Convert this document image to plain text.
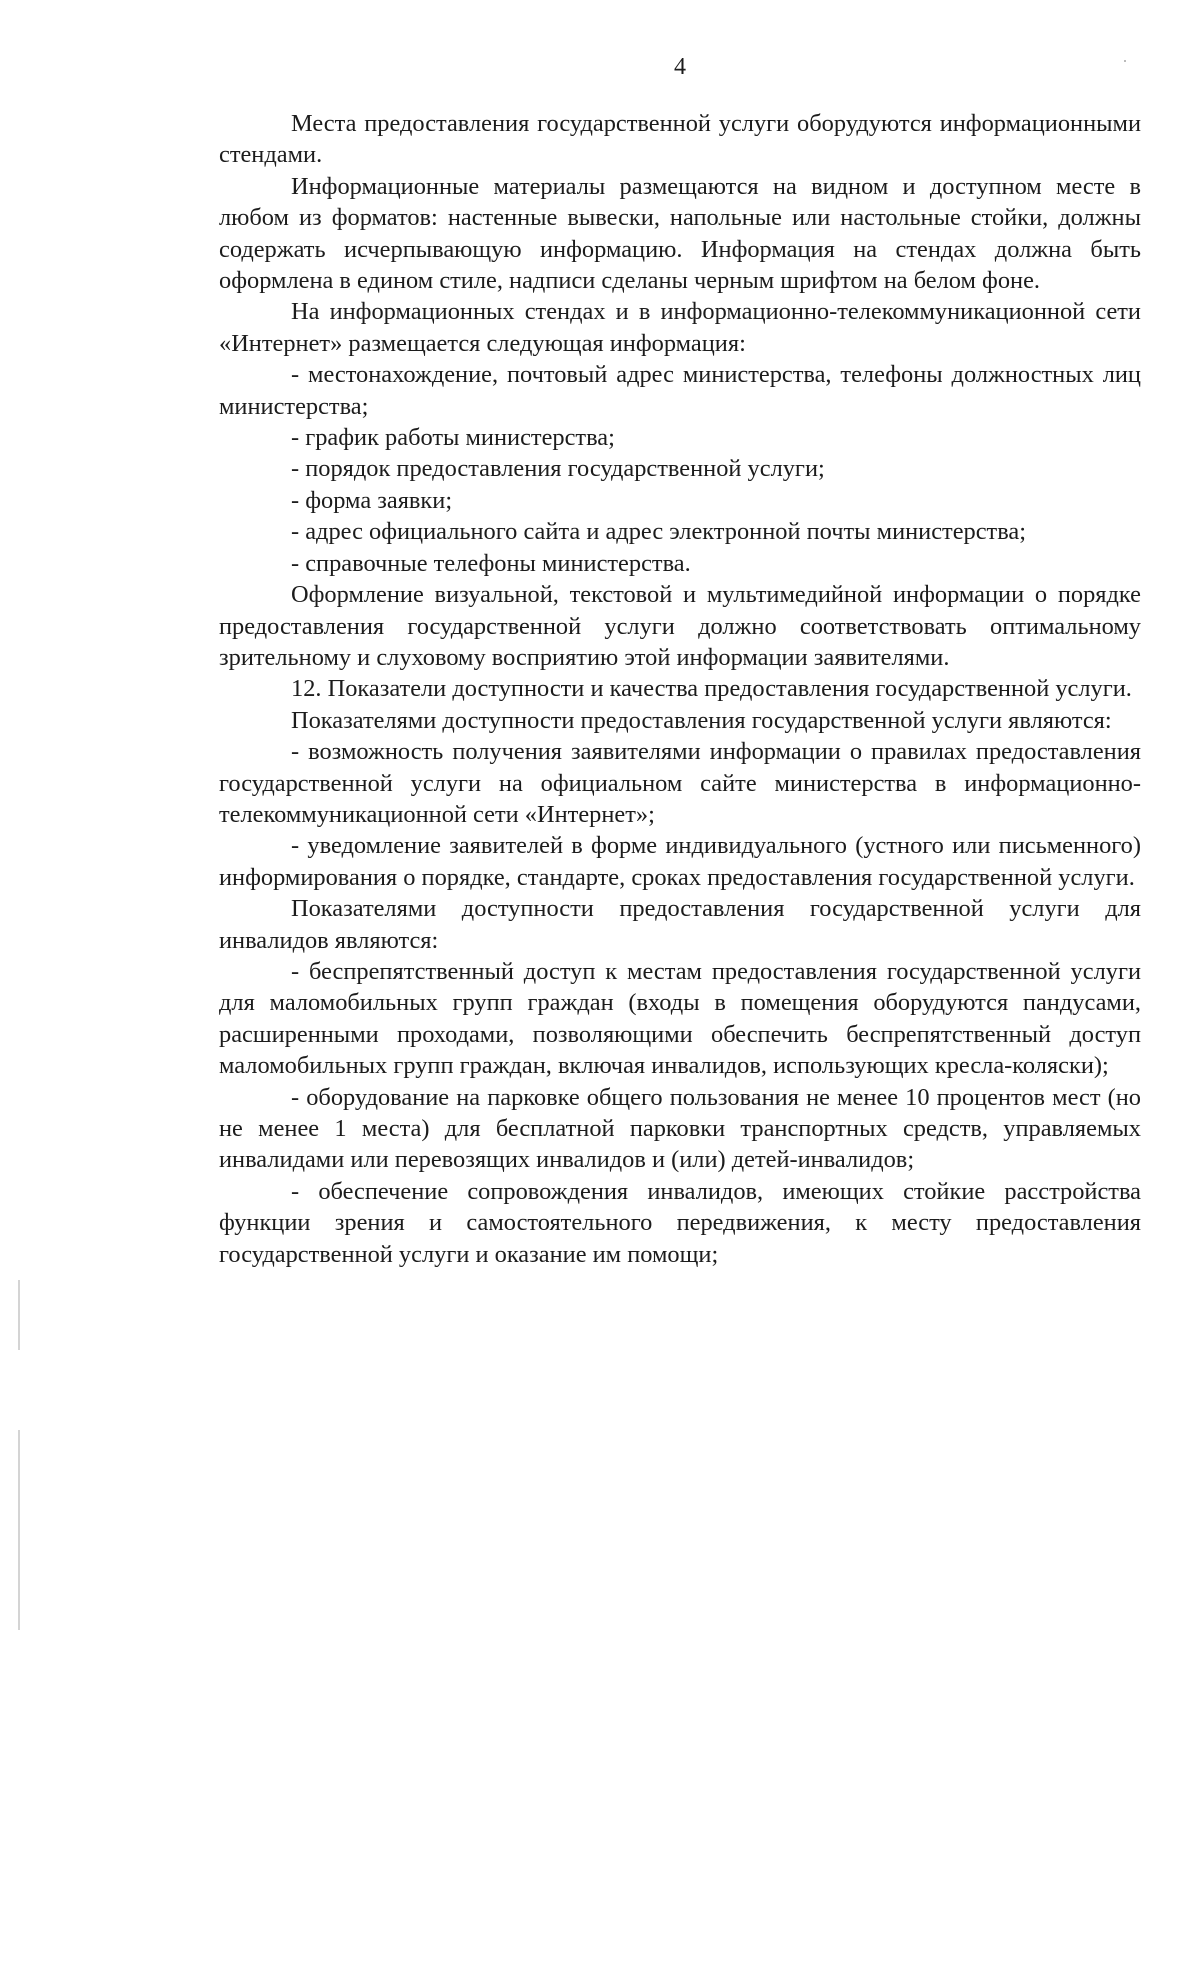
4

Места предоставления государственной услуги оборудуются информационными стендами.

Информационные материалы размещаются на видном и доступном месте в любом из форматов: настенные вывески, напольные или настольные стойки, должны содержать исчерпывающую информацию. Информация на стендах должна быть оформлена в едином стиле, надписи сделаны черным шрифтом на белом фоне.

На информационных стендах и в информационно-телекоммуникационной сети «Интернет» размещается следующая информация:

- местонахождение, почтовый адрес министерства, телефоны должностных лиц министерства;

- график работы министерства;

- порядок предоставления государственной услуги;

- форма заявки;

- адрес официального сайта и адрес электронной почты министерства;

- справочные телефоны министерства.

Оформление визуальной, текстовой и мультимедийной информации о порядке предоставления государственной услуги должно соответствовать оптимальному зрительному и слуховому восприятию этой информации заявителями.

12. Показатели доступности и качества предоставления государственной услуги.

Показателями доступности предоставления государственной услуги являются:

- возможность получения заявителями информации о правилах предоставления государственной услуги на официальном сайте министерства в информационно-телекоммуникационной сети «Интернет»;

- уведомление заявителей в форме индивидуального (устного или письменного) информирования о порядке, стандарте, сроках предоставления государственной услуги.

Показателями доступности предоставления государственной услуги для инвалидов являются:

- беспрепятственный доступ к местам предоставления государственной услуги для маломобильных групп граждан (входы в помещения оборудуются пандусами, расширенными проходами, позволяющими обеспечить беспрепятственный доступ маломобильных групп граждан, включая инвалидов, использующих кресла-коляски);

- оборудование на парковке общего пользования не менее 10 процентов мест (но не менее 1 места) для бесплатной парковки транспортных средств, управляемых инвалидами или перевозящих инвалидов и (или) детей-инвалидов;

- обеспечение сопровождения инвалидов, имеющих стойкие расстройства функции зрения и самостоятельного передвижения, к месту предоставления государственной услуги и оказание им помощи;
